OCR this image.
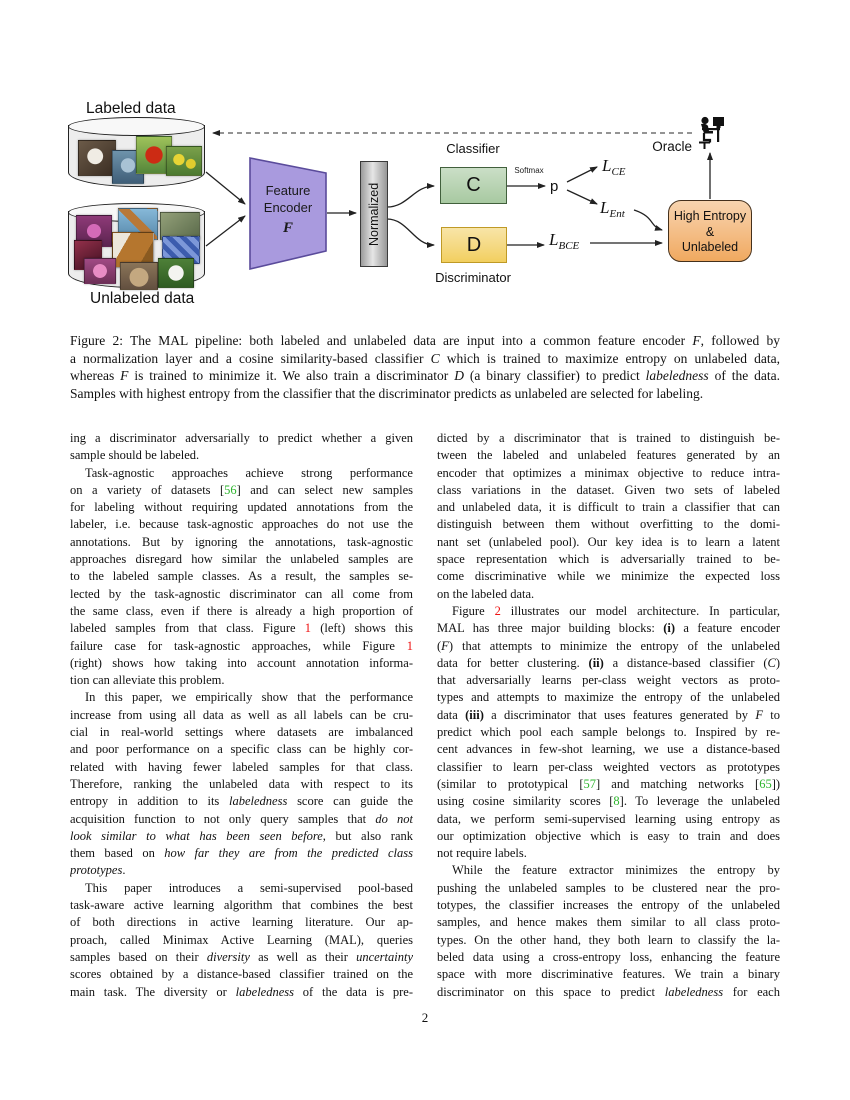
Labeled data
Unlabeled data
Feature
Encoder
F	Normalized
Classifier
C
Softmax
p
D
Discriminator
$L_{CE}$
$L_{Ent}$
$L_{BCE}$
High Entropy
&
Unlabeled
Oracle
Figure 2: The MAL pipeline: both labeled and unlabeled data are input into a common feature encoder F, followed by
a normalization layer and a cosine similarity-based classifier C which is trained to maximize entropy on unlabeled data,
whereas F is trained to minimize it. We also train a discriminator D (a binary classifier) to predict labeledness of the data.
Samples with highest entropy from the classifier that the discriminator predicts as unlabeled are selected for labeling.
ing a discriminator adversarially to predict whether a given
sample should be labeled.
Task-agnostic approaches achieve strong performance
on a variety of datasets [56] and can select new samples
for labeling without requiring updated annotations from the
labeler, i.e. because task-agnostic approaches do not use the
annotations. But by ignoring the annotations, task-agnostic
approaches disregard how similar the unlabeled samples are
to the labeled sample classes. As a result, the samples se-
lected by the task-agnostic discriminator can all come from
the same class, even if there is already a high proportion of
labeled samples from that class. Figure 1 (left) shows this
failure case for task-agnostic approaches, while Figure 1
(right) shows how taking into account annotation informa-
tion can alleviate this problem.
In this paper, we empirically show that the performance
increase from using all data as well as all labels can be cru-
cial in real-world settings where datasets are imbalanced
and poor performance on a specific class can be highly cor-
related with having fewer labeled samples for that class.
Therefore, ranking the unlabeled data with respect to its
entropy in addition to its labeledness score can guide the
acquisition function to not only query samples that do not
look similar to what has been seen before, but also rank
them based on how far they are from the predicted class
prototypes.
This paper introduces a semi-supervised pool-based
task-aware active learning algorithm that combines the best
of both directions in active learning literature. Our ap-
proach, called Minimax Active Learning (MAL), queries
samples based on their diversity as well as their uncertainty
scores obtained by a distance-based classifier trained on the
main task. The diversity or labeledness of the data is pre-
dicted by a discriminator that is trained to distinguish be-
tween the labeled and unlabeled features generated by an
encoder that optimizes a minimax objective to reduce intra-
class variations in the dataset. Given two sets of labeled
and unlabeled data, it is difficult to train a classifier that can
distinguish between them without overfitting to the domi-
nant set (unlabeled pool). Our key idea is to learn a latent
space representation which is adversarially trained to be-
come discriminative while we minimize the expected loss
on the labeled data.
Figure 2 illustrates our model architecture. In particular,
MAL has three major building blocks: (i) a feature encoder
(F) that attempts to minimize the entropy of the unlabeled
data for better clustering. (ii) a distance-based classifier (C)
that adversarially learns per-class weight vectors as proto-
types and attempts to maximize the entropy of the unlabeled
data (iii) a discriminator that uses features generated by F to
predict which pool each sample belongs to. Inspired by re-
cent advances in few-shot learning, we use a distance-based
classifier to learn per-class weighted vectors as prototypes
(similar to prototypical [57] and matching networks [65])
using cosine similarity scores [8]. To leverage the unlabeled
data, we perform semi-supervised learning using entropy as
our optimization objective which is easy to train and does
not require labels.
While the feature extractor minimizes the entropy by
pushing the unlabeled samples to be clustered near the pro-
totypes, the classifier increases the entropy of the unlabeled
samples, and hence makes them similar to all class proto-
types. On the other hand, they both learn to classify the la-
beled data using a cross-entropy loss, enhancing the feature
space with more discriminative features. We train a binary
discriminator on this space to predict labeledness for each
2
